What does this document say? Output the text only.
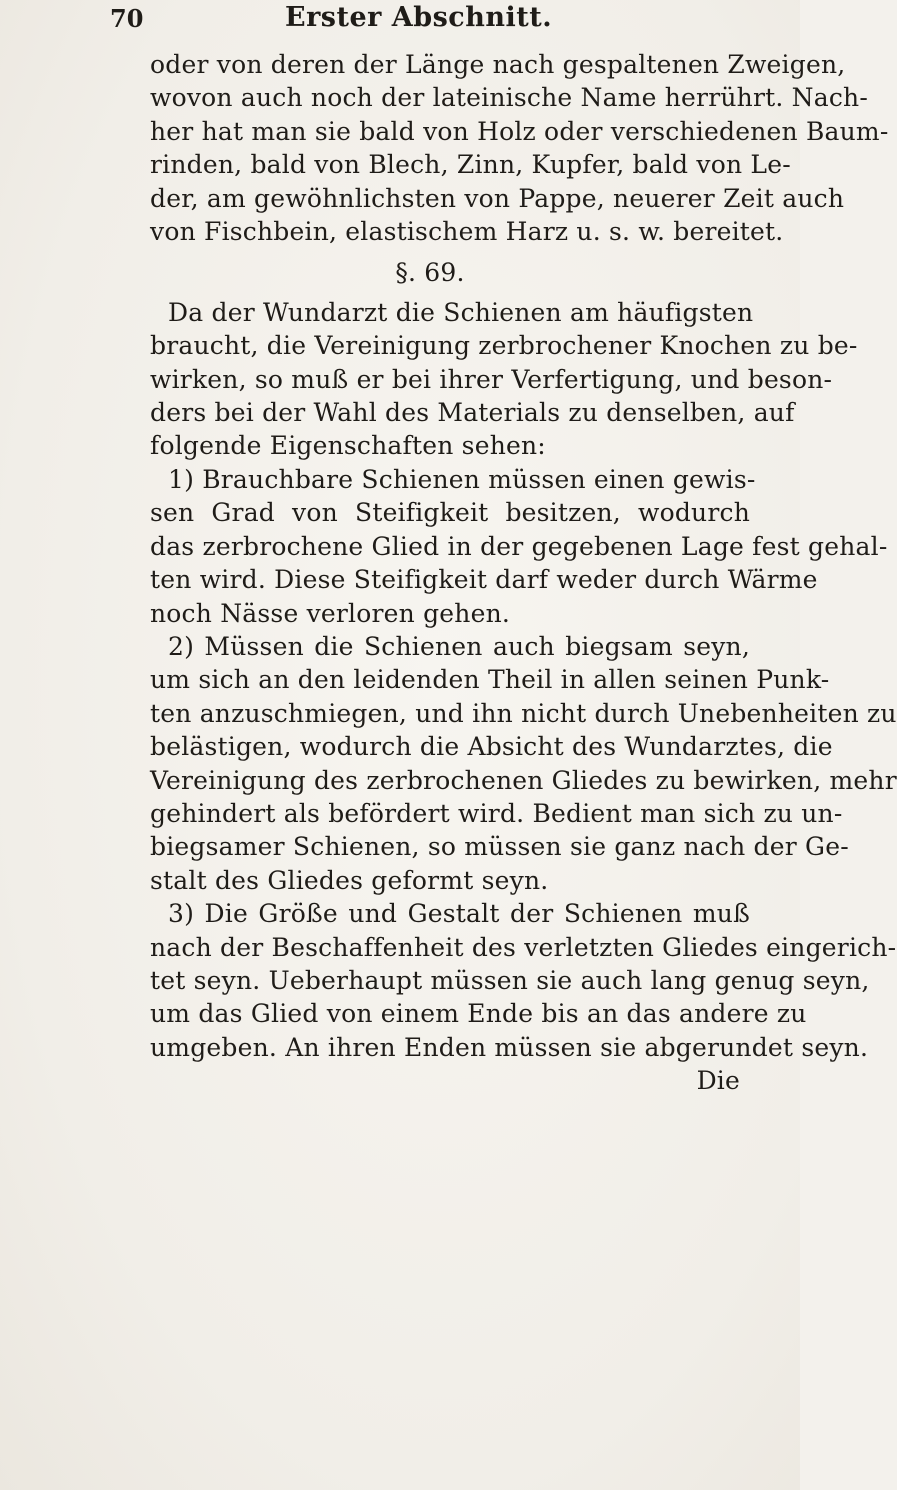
70	Erster Abschnitt.
oder von deren der Länge nach gespaltenen Zweigen,
wovon auch noch der lateinische Name herrührt. Nach-
her hat man sie bald von Holz oder verschiedenen Baum-
rinden, bald von Blech, Zinn, Kupfer, bald von Le-
der, am gewöhnlichsten von Pappe, neuerer Zeit auch
von Fischbein, elastischem Harz u. s. w. bereitet.
§. 69.
Da der Wundarzt die Schienen am häufigsten
braucht, die Vereinigung zerbrochener Knochen zu be-
wirken, so muß er bei ihrer Verfertigung, und beson-
ders bei der Wahl des Materials zu denselben, auf
folgende Eigenschaften sehen:
1) Brauchbare Schienen müssen einen gewis-
sen Grad von Steifigkeit besitzen, wodurch
das zerbrochene Glied in der gegebenen Lage fest gehal-
ten wird. Diese Steifigkeit darf weder durch Wärme
noch Nässe verloren gehen.
2) Müssen die Schienen auch biegsam seyn,
um sich an den leidenden Theil in allen seinen Punk-
ten anzuschmiegen, und ihn nicht durch Unebenheiten zu
belästigen, wodurch die Absicht des Wundarztes, die
Vereinigung des zerbrochenen Gliedes zu bewirken, mehr
gehindert als befördert wird. Bedient man sich zu un-
biegsamer Schienen, so müssen sie ganz nach der Ge-
stalt des Gliedes geformt seyn.
3) Die Größe und Gestalt der Schienen muß
nach der Beschaffenheit des verletzten Gliedes eingerich-
tet seyn. Ueberhaupt müssen sie auch lang genug seyn,
um das Glied von einem Ende bis an das andere zu
umgeben. An ihren Enden müssen sie abgerundet seyn.
Die
